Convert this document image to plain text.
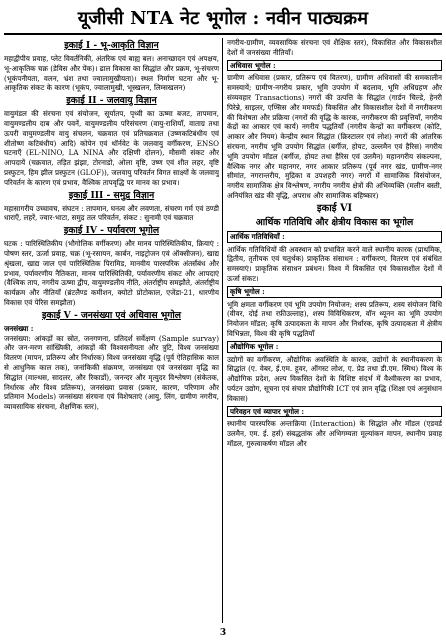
यूजीसी NTA नेट भूगोल : नवीन पाठ्यक्रम
इकाई I - भू-आकृति विज्ञान

महाद्वीपीय प्रवाह, प्लेट विवर्तनिकी, अंतरिक एवं बाह्य बल। अनाच्छादन एवं अपक्षय, भू-आकृतिक चक्र (डेविस और पेंक)। ढाल विकास का सिद्धांत और प्रक्रम, भू-संचरण (भूकंपनीयता, वलन, भ्रंश तथा ज्वालामुखीयता)। स्थल निर्माण घटना और भू-आकृतिक संकट के कारण (भूकंप, ज्वालामुखी, भूस्खलन, लिम्सखलन)

इकाई II - जलवायु विज्ञान

वायुमंडल की संरचना एवं संयोजन, सूर्यातप, पृथ्वी का ऊष्मा बजट, तापमान, वायुमण्डलीय दाब और पवनें, वायुमण्डलीय परिसंचरण (वायु-राशियाँ, वाताग्र तथा ऊपरी वायुमण्डलीय वायु संचलन, चक्रवात एवं प्रतिचक्रवात (उष्णकटिबंधीय एवं शीतोष्ण कटिबंधीय) आदि) कोपेन एवं थॉर्नवेट के जलवायु वर्गीकरण, ENSO घटनाएँ (EL-NINO, LA NINA और दक्षिणी दोलन), मौसमी संकट और आपदायें (चक्रवात, तड़ित झंझा, टोरनाडो, ओला वृष्टि, उष्ण एवं शीत लहर, वृष्टि प्रस्फुटन, हिम झील प्रस्फुटन (GLOF)), जलवायु परिवर्तन विगत साक्ष्यों के जलवायु परिवर्तन के कारण एवं प्रभाव, वैश्विक तापवृद्धि पर मानव का प्रभाव।

इकाई III - समुद्र विज्ञान

महासागरीय उच्चावच, संघटन : तापमान, घनत्व और लवणता, संचरण गर्म एवं ठण्डी धाराएँ, लहरें, ज्वार-भाटा, समुद्र तल परिवर्तन, संकट : सुनामी एवं चक्रवात

इकाई IV - पर्यावरण भूगोल

घटक : पारिस्थितिकीय (भौगोलिक वर्गीकरण) और मानव पारिस्थितिकीय, क्रियाएं : पोषण स्तर, ऊर्जा प्रवाह, चक्र (भू-रसायन, कार्बन, नाइट्रोजन एवं ऑक्सीजन), खाद्य श्रृंखला, खाद्य जाल एवं पारिस्थितिक पिरामिड, मानवीय पारस्परिक अंतर्संबंध और प्रभाव, पर्यावरणीय नैतिकता, मानव पारिस्थितिकी, पर्यावरणीय संकट और आपदाएं (वैश्विक ताप, नगरीय ऊष्मा द्वीप, वायुमण्डलीय नीति, अंतर्राष्ट्रीय समझौते, अंतर्राष्ट्रीय कार्यक्रम और नीतियाँ (ब्रंटलैण्ड कमीशन, क्योटो प्रोटोकाल, एजेंडा-21, धारणीय विकास एवं पेरिस समझौता)

इकाई V - जनसंख्या एवं अधिवास भूगोल
जनसंख्या :

जनसंख्या: आंकड़ों का स्रोत, जनगणना, प्रतिदर्श सर्वेक्षण (Sample survay) और जन-मरण सांख्यिकी, आंकड़ों की विश्वसनीयता और त्रुटि, विश्व जनसंख्या वितरण (मापन, प्रतिरूप और निर्धारक) विश्व जनसंख्या वृद्धि (पूर्व ऐतिहासिक काल से आधुनिक काल तक), जनांकिकी संक्रमण, जनसंख्या एवं जनसंख्या वृद्धि का सिद्धांत (माल्थस, सादलर, और रिकार्डो), जनन्दर और मृत्युदर विश्लेषण (संकेतक, निर्धारक और विश्व प्रतिरूप), जनसंख्या प्रवास (प्रकार, कारण, परिणाम और प्रतिमान Models) जनसंख्या संरचना एवं विशेषताएं (आयु, लिंग, ग्रामीण नगरीय, व्यावसायिक संरचना, शैक्षणिक स्तर),

नगरीय-ग्रामीण, व्यवसायिक संरचना एवं शैक्षिक स्तर), विकासित और विकासशील देशों में जनसंख्या नीतियाँ।

अधिवास भूगोल :

ग्रामीण अधिवास (प्रकार, प्रतिरूप एवं वितरण), ग्रामीण अधिवासों की समकालीन समस्यायें; ग्रामीण-नगरीय प्रकार, भूमि उपयोग में बदलाव, भूमि अधिग्रहण और संव्यवहार Transactions) नगरों की उत्पत्ति के सिद्धांत (गार्डन चिल्डे, हेनरी पिरेन्ने, साइलर, एण्सिस और ममफर्ड) विकसित और विकासशील देशों में नगरीकरण की विशेषता और प्रक्रिया (नगरों की वृद्धि के कारक, नगरीकरण की प्रवृत्तियाँ, नगरीय केंद्रों का आकार एवं कार्य) नगरीय पद्धतियाँ (नगरीय केन्द्रों का वर्गीकरण (कोटि, आकार और नियम) केन्द्रीय स्थान सिद्धांत (क्रिस्टालर एवं लोश) नगरों की आंतरिक संरचना, नगरीय भूमि उपयोग सिद्धांत (बर्गीज, होयट, उल्लमैन एवं हैरिस) नगरीय भूमि उपयोग मॉडल (बर्गीज, होयट तथा हैरिस एवं उलमैन) महानगरीय संकल्पना, वैश्विक नगर और महानगर, नगर आकार प्रतिरूप (पूर्व नगर खंड, ग्रामीण-नगर सीमांत, नगरान्तरीय, मुद्रिका व उपशहरी नगर) नगरों में सामाजिक विसंयोजन, नगरीय सामाजिक क्षेत्र विश्लेषण, नगरीय नगरीय क्षेत्रों की अभिव्यक्ति (मलीन बस्ती, अनियंत्रित खंड की वृद्धि, अपराध और सामाजिक बहिष्कार)

इकाई VI
आर्थिक गतिविधि और क्षेत्रीय विकास का भूगोल
आर्थिक गतिविधियाँ :

आर्थिक गतिविधियों की अवस्थान को प्रभावित करने वाले स्थानीय कारक (प्राथमिक, द्वितीय, तृतीयक एवं चतुर्थक) प्राकृतिक संसाधन : वर्गीकरण, वितरण एवं संबंधित समस्याएं। प्राकृतिक संसाधन प्रबंधन। विश्व में विकसित एवं विकासशील देशों में ऊर्जा संकट।

कृषि भूगोल :

भूमि क्षमता वर्गीकरण एवं भूमि उपयोग नियोजन; शस्य प्रतिरूप, शस्य संयोजन विधि (वीवर, दोई तथा रफ़ीउल्लाह), शस्य विविधिकरण, वॉन थ्यूनन का भूमि उपयोग नियोजन मॉडल; कृषि उत्पादकता के मापन और निर्धारक, कृषि उत्पादकता में क्षेत्रीय विभिन्नता, विश्व की कृषि पद्धतियाँ

औद्योगिक भूगोल :

उद्योगों का वर्गीकरण, औद्योगिक अवस्थिति के कारक, उद्योगों के स्थानीयकरण के सिद्धांत (ए. वेबर, ई.एम. हूवर, ऑगस्ट लोश, ए. प्रेड तथा डी.एम. स्मिथ) विश्व के औद्योगिक प्रदेश, अल्प विकसित देशों के विशिष्ट संदर्भ में वैश्वीकरण का प्रभाव, पर्यटन उद्योग, सूचना एवं संचार प्रौद्योगिकी ICT एवं ज्ञान वृद्धि (शिक्षा एवं अनुसंधान विकास)

परिवहन एवं व्यापार भूगोल :

स्थानीय पारस्परिक अन्तःक्रिया (Interaction) के सिद्धांत और मॉडल (एडवर्ड उलमैन, एम. ई. हर्स) संबद्धतांक और अभिगम्यता मूल्यांकन मापन, स्थानीय प्रवाह मॉडल, गुरुत्वाकर्षण मॉडल और

3
